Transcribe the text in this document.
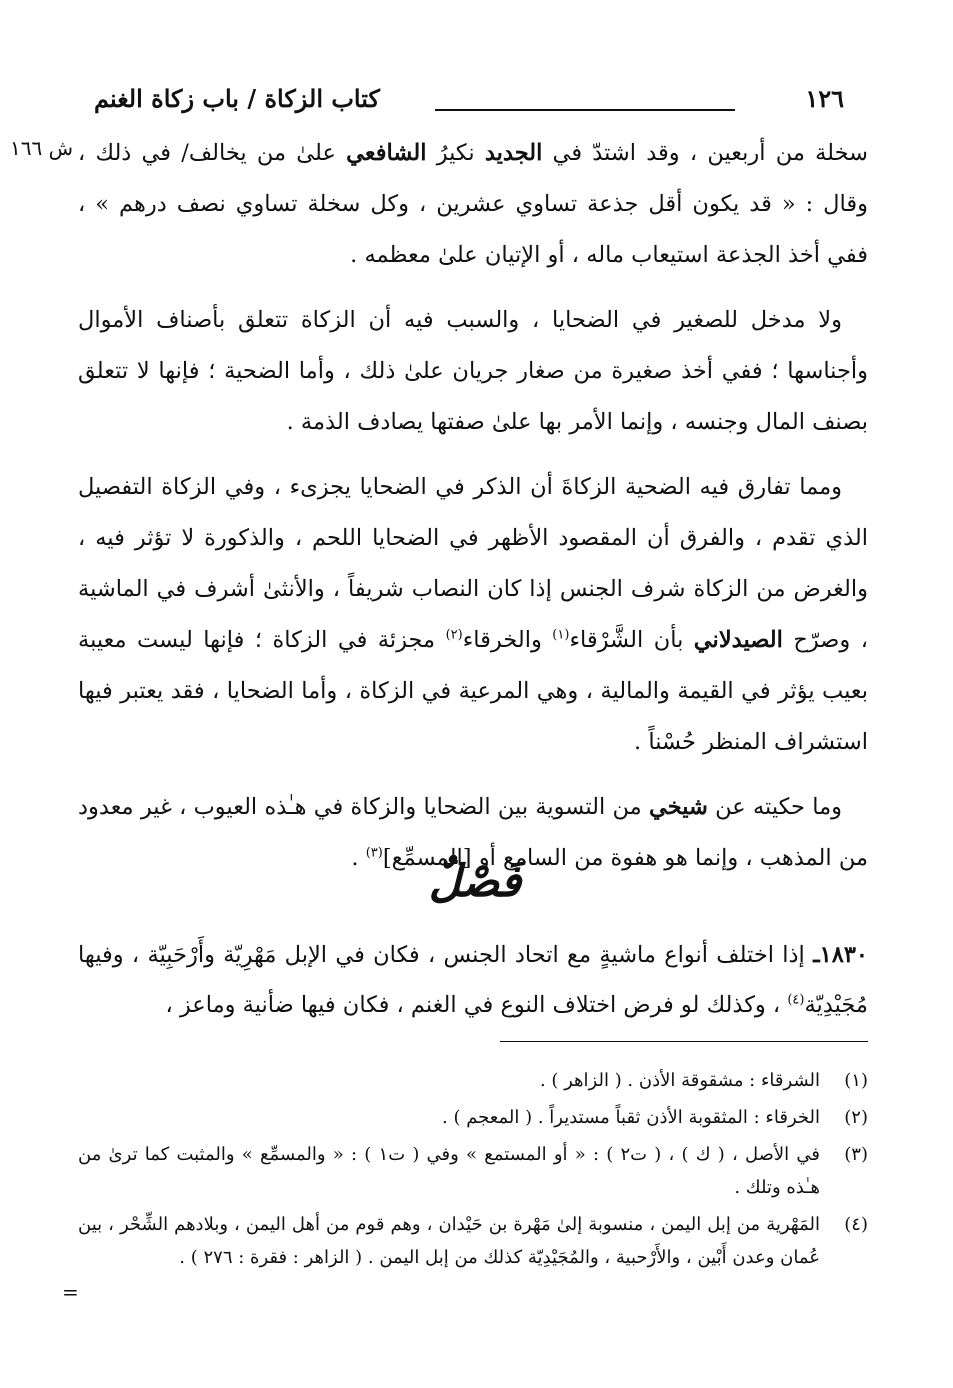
١٢٦
كتاب الزكاة / باب زكاة الغنم
ش ١٦٦	سخلة من أربعين ، وقد اشتدّ في الجديد نكيرُ الشافعي علىٰ من يخالف/ في ذلك ، وقال : « قد يكون أقل جذعة تساوي عشرين ، وكل سخلة تساوي نصف درهم » ، ففي أخذ الجذعة استيعاب ماله ، أو الإتيان علىٰ معظمه .

ولا مدخل للصغير في الضحايا ، والسبب فيه أن الزكاة تتعلق بأصناف الأموال وأجناسها ؛ ففي أخذ صغيرة من صغار جريان علىٰ ذلك ، وأما الضحية ؛ فإنها لا تتعلق بصنف المال وجنسه ، وإنما الأمر بها علىٰ صفتها يصادف الذمة .

ومما تفارق فيه الضحية الزكاةَ أن الذكر في الضحايا يجزىء ، وفي الزكاة التفصيل الذي تقدم ، والفرق أن المقصود الأظهر في الضحايا اللحم ، والذكورة لا تؤثر فيه ، والغرض من الزكاة شرف الجنس إذا كان النصاب شريفاً ، والأنثىٰ أشرف في الماشية ، وصرّح الصيدلاني بأن الشَّرْقاء$^{(١)}$ والخرقاء$^{(٢)}$ مجزئة في الزكاة ؛ فإنها ليست معيبة بعيب يؤثر في القيمة والمالية ، وهي المرعية في الزكاة ، وأما الضحايا ، فقد يعتبر فيها استشراف المنظر حُسْناً .

وما حكيته عن شيخي من التسوية بين الضحايا والزكاة في هـٰذه العيوب ، غير معدود من المذهب ، وإنما هو هفوة من السامع أو [المسمِّع]$^{(٣)}$ .	فَصْلٌ

١٨٣٠ـ إذا اختلف أنواع ماشيةٍ مع اتحاد الجنس ، فكان في الإبل مَهْرِيّة وأَرْحَبِيّة ، وفيها مُجَيْدِيّة$^{(٤)}$ ، وكذلك لو فرض اختلاف النوع في الغنم ، فكان فيها ضأنية وماعز ،

(١)
الشرقاء : مشقوقة الأذن . ( الزاهر ) .
(٢)
الخرقاء : المثقوبة الأذن ثقباً مستديراً . ( المعجم ) .
(٣)
في الأصل ، ( ك ) ، ( ت٢ ) : « أو المستمع » وفي ( ت١ ) : « والمسمِّع » والمثبت كما ترىٰ من هـٰذه وتلك .
(٤)
المَهْرية من إبل اليمن ، منسوبة إلىٰ مَهْرة بن حَيْدان ، وهم قوم من أهل اليمن ، وبلادهم الشِّحْر ، بين عُمان وعدن أَبْين ، والأَرْحبية ، والمُجَيْدِيّة كذلك من إبل اليمن . ( الزاهر : فقرة : ٢٧٦ ) .
=
